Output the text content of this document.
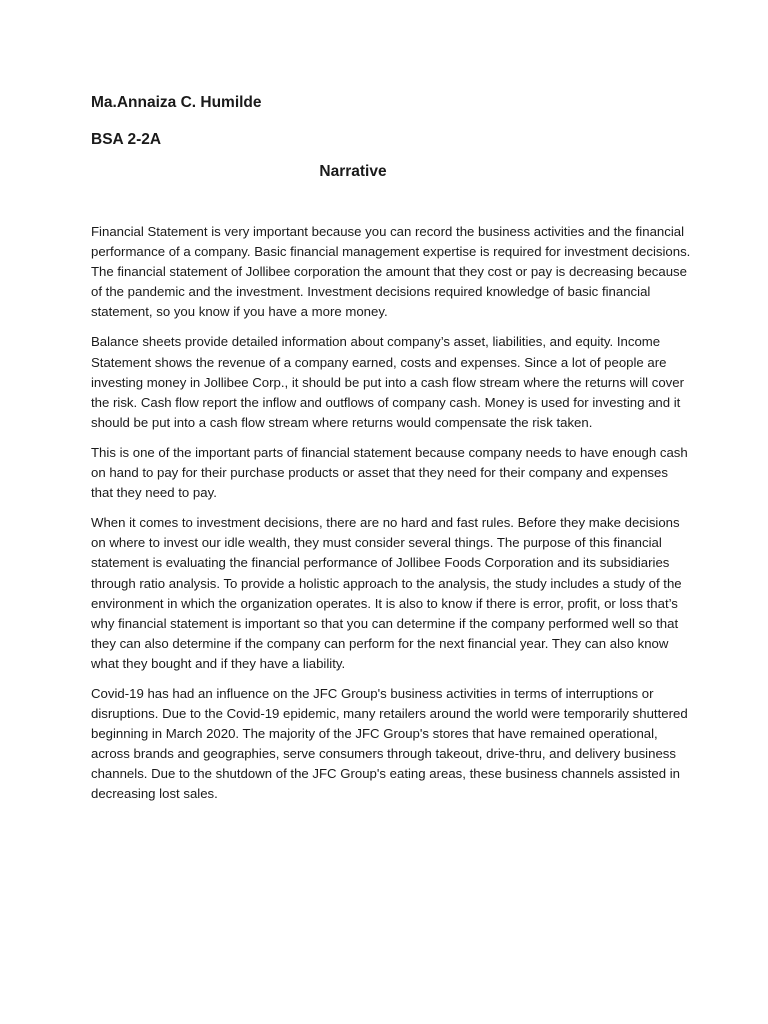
Ma.Annaiza C. Humilde

BSA 2-2A

Narrative

Financial Statement is very important because you can record the business activities and the financial performance of a company. Basic financial management expertise is required for investment decisions. The financial statement of Jollibee corporation the amount that they cost or pay is decreasing because of the pandemic and the investment. Investment decisions required knowledge of basic financial statement, so you know if you have a more money.

Balance sheets provide detailed information about company’s asset, liabilities, and equity. Income Statement shows the revenue of a company earned, costs and expenses. Since a lot of people are investing money in Jollibee Corp., it should be put into a cash flow stream where the returns will cover the risk. Cash flow report the inflow and outflows of company cash. Money is used for investing and it should be put into a cash flow stream where returns would compensate the risk taken.

This is one of the important parts of financial statement because company needs to have enough cash on hand to pay for their purchase products or asset that they need for their company and expenses that they need to pay.

When it comes to investment decisions, there are no hard and fast rules. Before they make decisions on where to invest our idle wealth, they must consider several things. The purpose of this financial statement is evaluating the financial performance of Jollibee Foods Corporation and its subsidiaries through ratio analysis. To provide a holistic approach to the analysis, the study includes a study of the environment in which the organization operates. It is also to know if there is error, profit, or loss that’s why financial statement is important so that you can determine if the company performed well so that they can also determine if the company can perform for the next financial year. They can also know what they bought and if they have a liability.

Covid-19 has had an influence on the JFC Group's business activities in terms of interruptions or disruptions. Due to the Covid-19 epidemic, many retailers around the world were temporarily shuttered beginning in March 2020. The majority of the JFC Group's stores that have remained operational, across brands and geographies, serve consumers through takeout, drive-thru, and delivery business channels. Due to the shutdown of the JFC Group's eating areas, these business channels assisted in decreasing lost sales.
